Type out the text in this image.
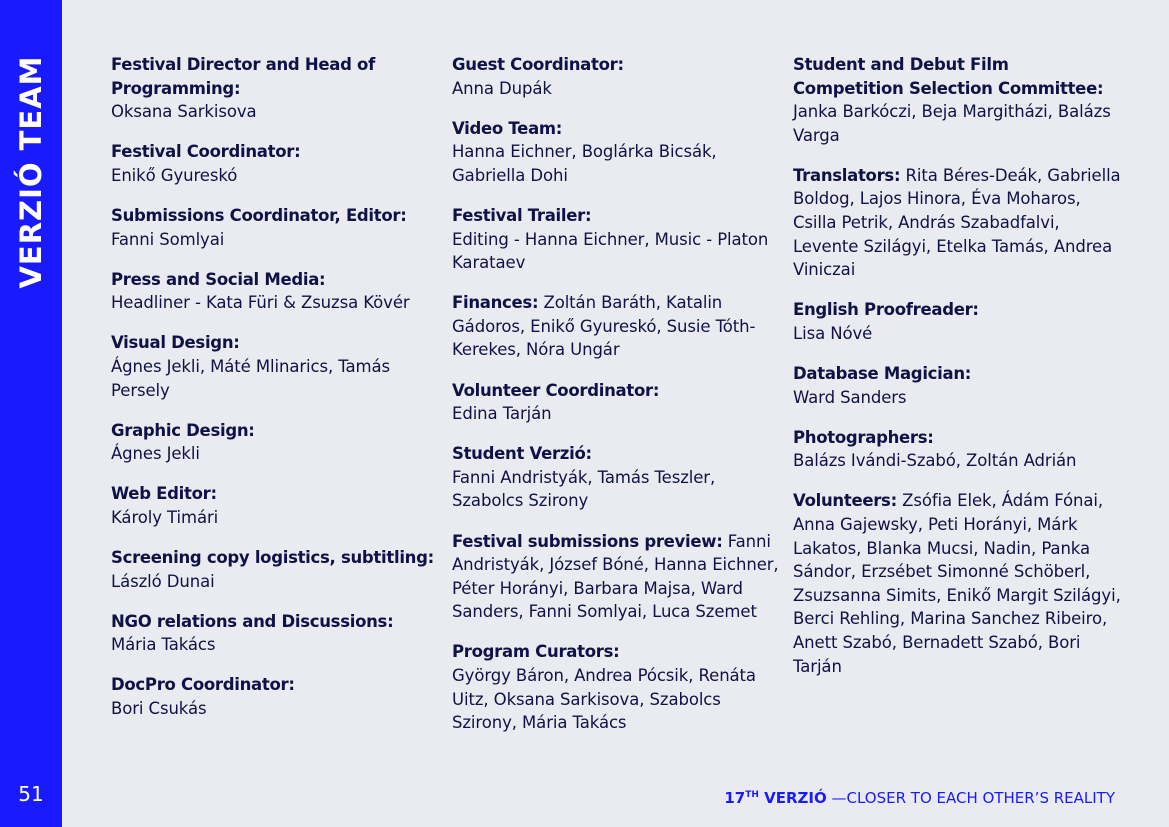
VERZIÓ TEAM
51
Festival Director and Head of Programming:
Oksana Sarkisova
Festival Coordinator:
Enikő Gyureskó
Submissions Coordinator, Editor:
Fanni Somlyai
Press and Social Media:
Headliner - Kata Füri & Zsuzsa Kövér
Visual Design:
Ágnes Jekli, Máté Mlinarics, Tamás Persely
Graphic Design:
Ágnes Jekli
Web Editor:
Károly Timári
Screening copy logistics, subtitling:
László Dunai
NGO relations and Discussions:
Mária Takács
DocPro Coordinator:
Bori Csukás
Guest Coordinator:
Anna Dupák
Video Team:
Hanna Eichner, Boglárka Bicsák, Gabriella Dohi
Festival Trailer:
Editing - Hanna Eichner, Music - Platon Karataev
Finances: Zoltán Baráth, Katalin Gádoros, Enikő Gyureskó, Susie Tóth-Kerekes, Nóra Ungár
Volunteer Coordinator:
Edina Tarján
Student Verzió:
Fanni Andristyák, Tamás Teszler, Szabolcs Szirony
Festival submissions preview: Fanni Andristyák, József Bóné, Hanna Eichner, Péter Horányi, Barbara Majsa, Ward Sanders, Fanni Somlyai, Luca Szemet
Program Curators:
György Báron, Andrea Pócsik, Renáta Uitz, Oksana Sarkisova, Szabolcs Szirony, Mária Takács
Student and Debut Film Competition Selection Committee:
Janka Barkóczi, Beja Margitházi, Balázs Varga
Translators: Rita Béres-Deák, Gabriella Boldog, Lajos Hinora, Éva Moharos, Csilla Petrik, András Szabadfalvi, Levente Szilágyi, Etelka Tamás, Andrea Viniczai
English Proofreader:
Lisa Nóvé
Database Magician:
Ward Sanders
Photographers:
Balázs Ivándi-Szabó, Zoltán Adrián
Volunteers: Zsófia Elek, Ádám Fónai, Anna Gajewsky, Peti Horányi, Márk Lakatos, Blanka Mucsi, Nadin, Panka Sándor, Erzsébet Simonné Schöberl, Zsuzsanna Simits, Enikő Margit Szilágyi, Berci Rehling, Marina Sanchez Ribeiro, Anett Szabó, Bernadett Szabó, Bori Tarján
17TH VERZIÓ —CLOSER TO EACH OTHER’S REALITY
